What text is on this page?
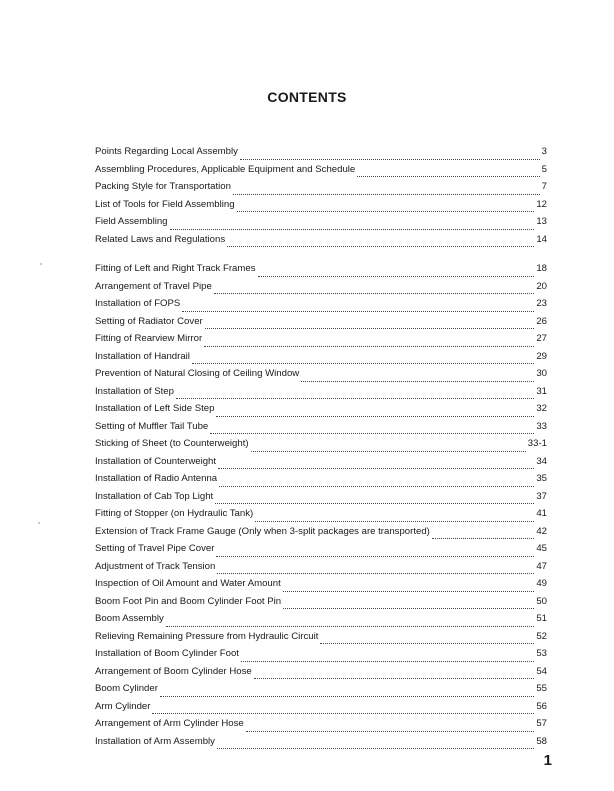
CONTENTS
Points Regarding Local Assembly	3
Assembling Procedures, Applicable Equipment and Schedule	5
Packing Style for Transportation	7
List of Tools for Field Assembling	12
Field Assembling	13
Related Laws and Regulations	14
Fitting of Left and Right Track Frames	18
Arrangement of Travel Pipe	20
Installation of FOPS	23
Setting of Radiator Cover	26
Fitting of Rearview Mirror	27
Installation of Handrail	29
Prevention of Natural Closing of Ceiling Window	30
Installation of Step	31
Installation of Left Side Step	32
Setting of Muffler Tail Tube	33
Sticking of Sheet (to Counterweight)	33-1
Installation of Counterweight	34
Installation of Radio Antenna	35
Installation of Cab Top Light	37
Fitting of Stopper (on Hydraulic Tank)	41
Extension of Track Frame Gauge (Only when 3-split packages are transported)	42
Setting of Travel Pipe Cover	45
Adjustment of Track Tension	47
Inspection of Oil Amount and Water Amount	49
Boom Foot Pin and Boom Cylinder Foot Pin	50
Boom Assembly	51
Relieving Remaining Pressure from Hydraulic Circuit	52
Installation of Boom Cylinder Foot	53
Arrangement of Boom Cylinder Hose	54
Boom Cylinder	55
Arm Cylinder	56
Arrangement of Arm Cylinder Hose	57
Installation of Arm Assembly	58
1
